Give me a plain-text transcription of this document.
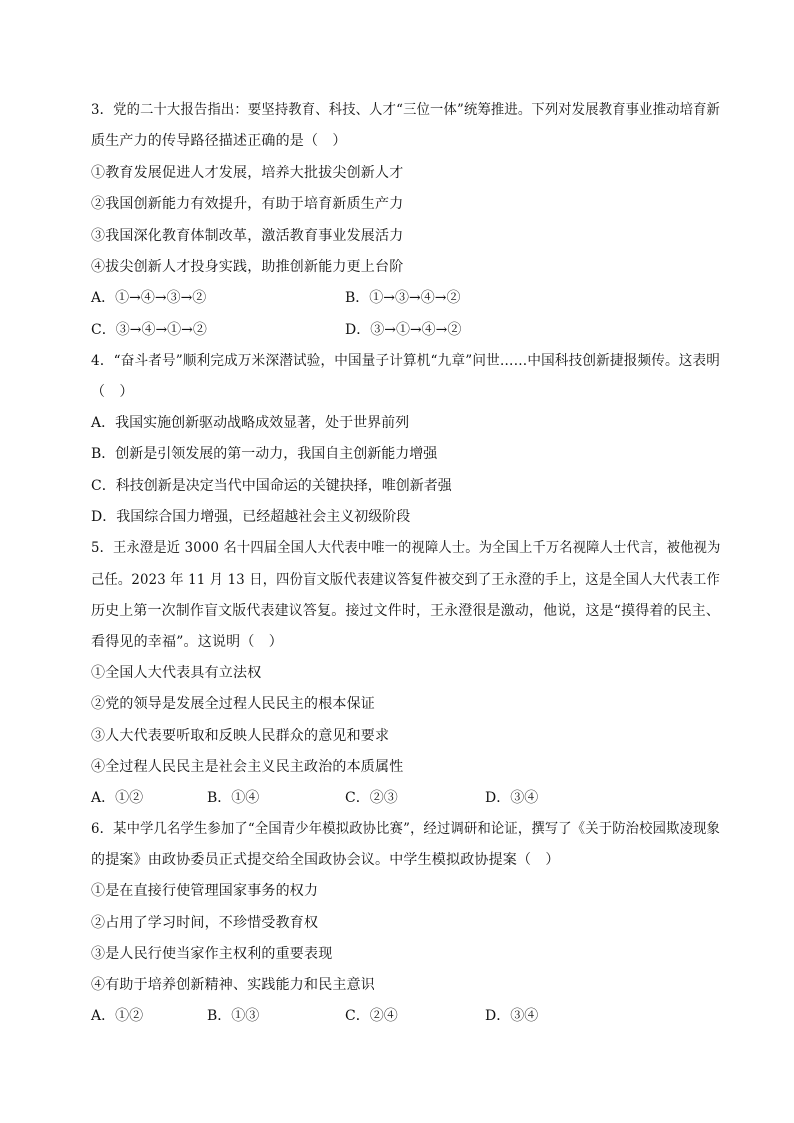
3．党的二十大报告指出：要坚持教育、科技、人才“三位一体”统筹推进。下列对发展教育事业推动培育新
质生产力的传导路径描述正确的是（　）
①教育发展促进人才发展，培养大批拔尖创新人才
②我国创新能力有效提升，有助于培育新质生产力
③我国深化教育体制改革，激活教育事业发展活力
④拔尖创新人才投身实践，助推创新能力更上台阶
A．①→④→③→②	B．①→③→④→②
C．③→④→①→②	D．③→①→④→②
4．“奋斗者号”顺利完成万米深潜试验，中国量子计算机“九章”问世……中国科技创新捷报频传。这表明
（　）
A．我国实施创新驱动战略成效显著，处于世界前列
B．创新是引领发展的第一动力，我国自主创新能力增强
C．科技创新是决定当代中国命运的关键抉择，唯创新者强
D．我国综合国力增强，已经超越社会主义初级阶段
5．王永澄是近 3000 名十四届全国人大代表中唯一的视障人士。为全国上千万名视障人士代言，被他视为
己任。2023 年 11 月 13 日，四份盲文版代表建议答复件被交到了王永澄的手上，这是全国人大代表工作
历史上第一次制作盲文版代表建议答复。接过文件时，王永澄很是激动，他说，这是“摸得着的民主、
看得见的幸福”。这说明（　）
①全国人大代表具有立法权
②党的领导是发展全过程人民民主的根本保证
③人大代表要听取和反映人民群众的意见和要求
④全过程人民民主是社会主义民主政治的本质属性
A．①②	B．①④	C．②③	D．③④
6．某中学几名学生参加了“全国青少年模拟政协比赛”，经过调研和论证，撰写了《关于防治校园欺凌现象
的提案》由政协委员正式提交给全国政协会议。中学生模拟政协提案（　）
①是在直接行使管理国家事务的权力
②占用了学习时间，不珍惜受教育权
③是人民行使当家作主权利的重要表现
④有助于培养创新精神、实践能力和民主意识
A．①②	B．①③	C．②④	D．③④
